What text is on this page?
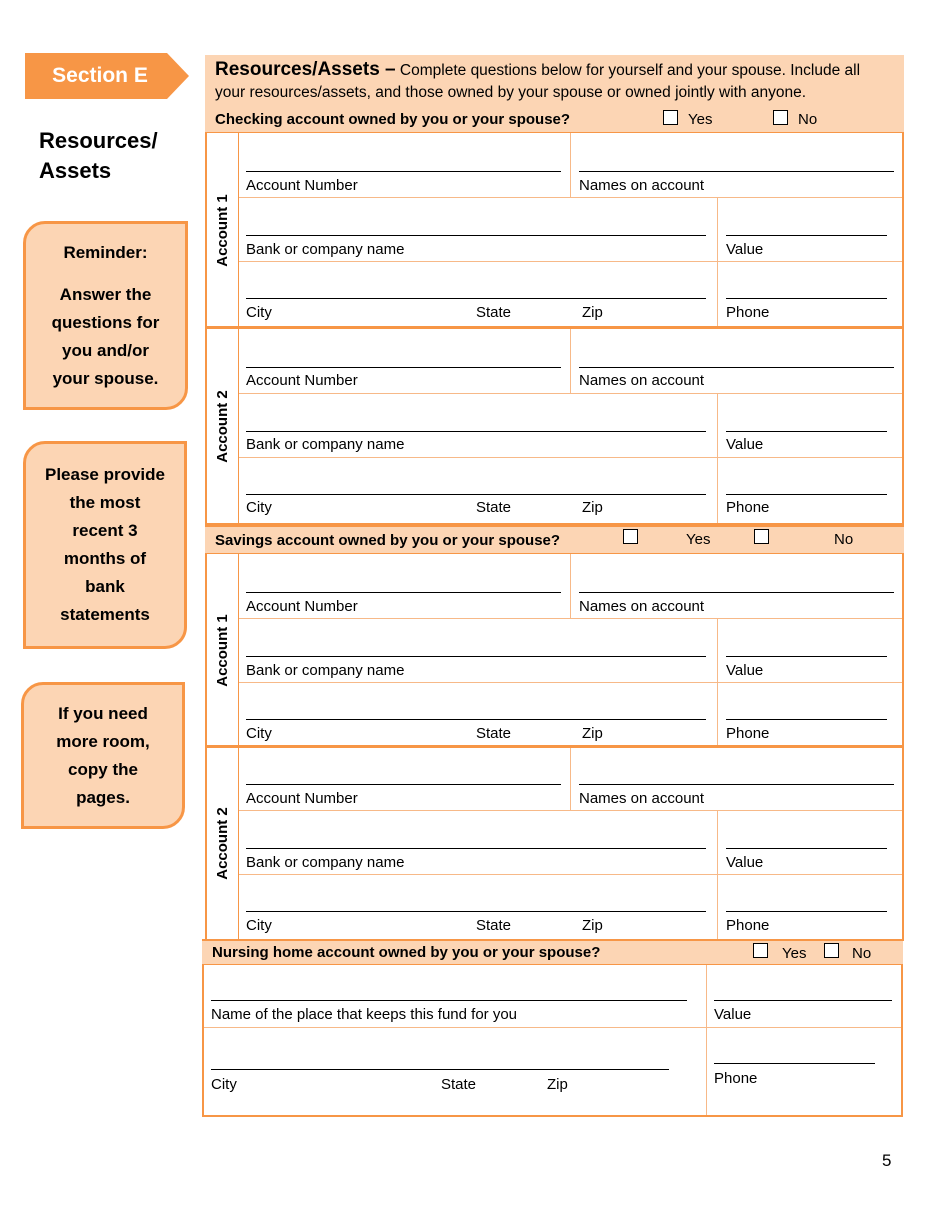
Section E
Resources/ Assets
Reminder:
Answer the questions for you and/or your spouse.
Please provide the most recent 3 months of bank statements
If you need more room, copy the pages.
Resources/Assets – Complete questions below for yourself and your spouse. Include all your resources/assets, and those owned by your spouse or owned jointly with anyone.
Checking account owned by you or your spouse?	Yes	No
Account 1
Account Number	Names on account
Bank or company name	Value
City	State	Zip	Phone
Account 2
Account Number	Names on account
Bank or company name	Value
City	State	Zip	Phone
Savings account owned by you or your spouse?	Yes	No
Account 1
Account Number	Names on account
Bank or company name	Value
City	State	Zip	Phone
Account 2
Account Number	Names on account
Bank or company name	Value
City	State	Zip	Phone
Nursing home account owned by you or your spouse?	Yes	No
Name of the place that keeps this fund for you	Value
City	State	Zip	Phone
5
